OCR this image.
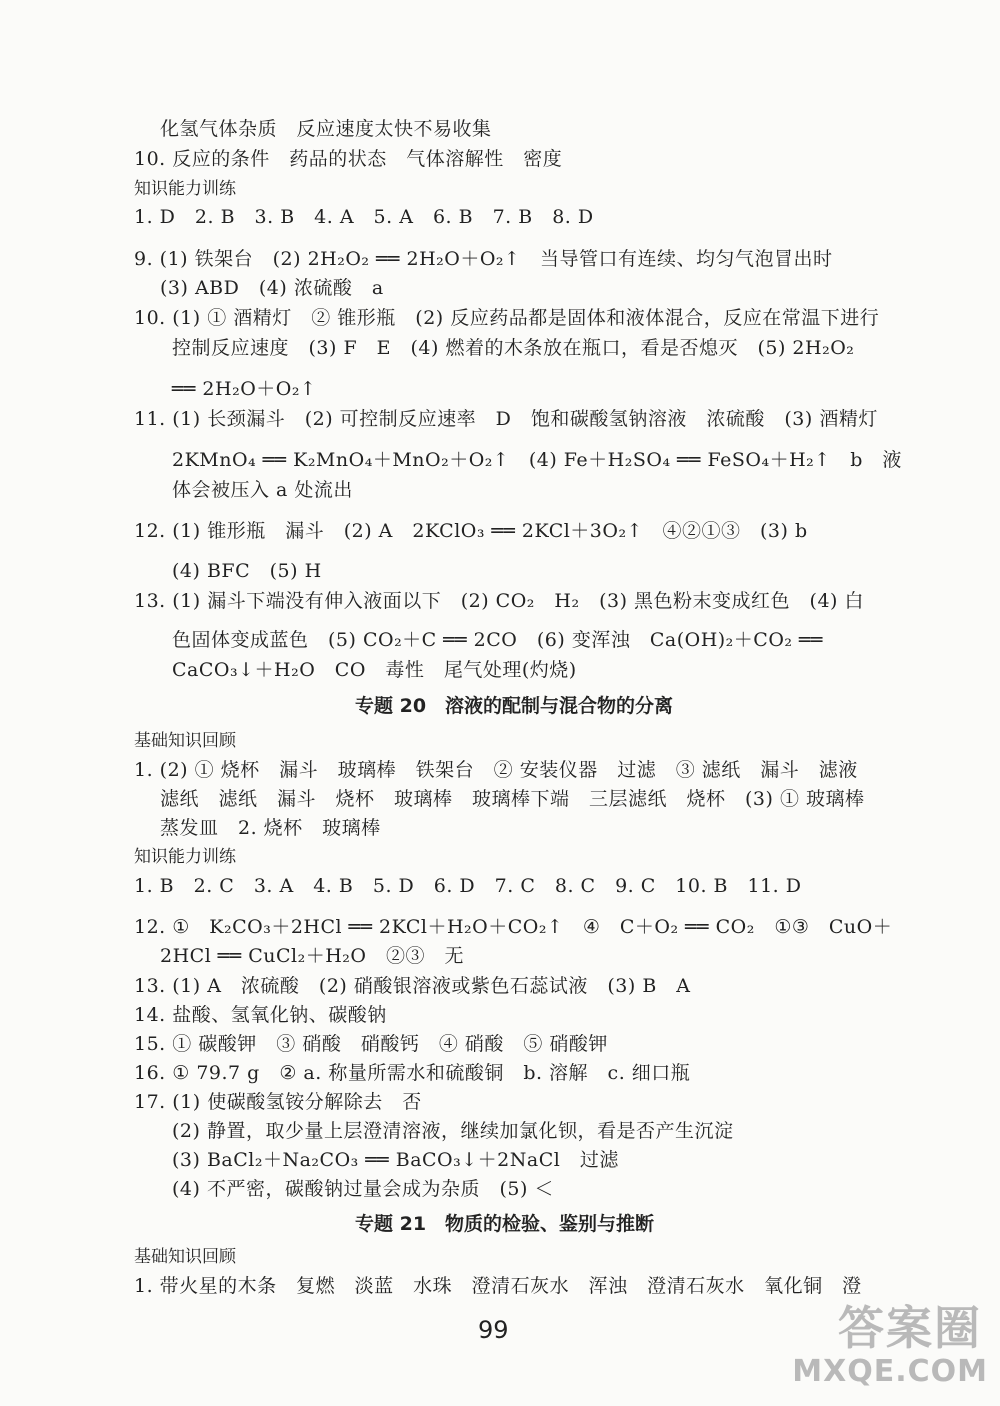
化氢气体杂质　反应速度太快不易收集
10. 反应的条件　药品的状态　气体溶解性　密度
知识能力训练
1. D　2. B　3. B　4. A　5. A　6. B　7. B　8. D
9. (1) 铁架台　(2) 2H₂O₂ ══ 2H₂O＋O₂↑　当导管口有连续、均匀气泡冒出时
(3) ABD　(4) 浓硫酸　a
10. (1) ① 酒精灯　② 锥形瓶　(2) 反应药品都是固体和液体混合，反应在常温下进行
控制反应速度　(3) F　E　(4) 燃着的木条放在瓶口，看是否熄灭　(5) 2H₂O₂
══ 2H₂O＋O₂↑
11. (1) 长颈漏斗　(2) 可控制反应速率　D　饱和碳酸氢钠溶液　浓硫酸　(3) 酒精灯
2KMnO₄ ══ K₂MnO₄＋MnO₂＋O₂↑　(4) Fe＋H₂SO₄ ══ FeSO₄＋H₂↑　b　液
体会被压入 a 处流出
12. (1) 锥形瓶　漏斗　(2) A　2KClO₃ ══ 2KCl＋3O₂↑　④②①③　(3) b
(4) BFC　(5) H
13. (1) 漏斗下端没有伸入液面以下　(2) CO₂　H₂　(3) 黑色粉末变成红色　(4) 白
色固体变成蓝色　(5) CO₂＋C ══ 2CO　(6) 变浑浊　Ca(OH)₂＋CO₂ ══
CaCO₃↓＋H₂O　CO　毒性　尾气处理(灼烧)
专题 20　溶液的配制与混合物的分离
基础知识回顾
1. (2) ① 烧杯　漏斗　玻璃棒　铁架台　② 安装仪器　过滤　③ 滤纸　漏斗　滤液
滤纸　滤纸　漏斗　烧杯　玻璃棒　玻璃棒下端　三层滤纸　烧杯　(3) ① 玻璃棒
蒸发皿　2. 烧杯　玻璃棒
知识能力训练
1. B　2. C　3. A　4. B　5. D　6. D　7. C　8. C　9. C　10. B　11. D
12. ①　K₂CO₃＋2HCl ══ 2KCl＋H₂O＋CO₂↑　④　C＋O₂ ══ CO₂　①③　CuO＋
2HCl ══ CuCl₂＋H₂O　②③　无
13. (1) A　浓硫酸　(2) 硝酸银溶液或紫色石蕊试液　(3) B　A
14. 盐酸、氢氧化钠、碳酸钠
15. ① 碳酸钾　③ 硝酸　硝酸钙　④ 硝酸　⑤ 硝酸钾
16. ① 79.7 g　② a. 称量所需水和硫酸铜　b. 溶解　c. 细口瓶
17. (1) 使碳酸氢铵分解除去　否
(2) 静置，取少量上层澄清溶液，继续加氯化钡，看是否产生沉淀
(3) BaCl₂＋Na₂CO₃ ══ BaCO₃↓＋2NaCl　过滤
(4) 不严密，碳酸钠过量会成为杂质　(5) ＜
专题 21　物质的检验、鉴别与推断
基础知识回顾
1. 带火星的木条　复燃　淡蓝　水珠　澄清石灰水　浑浊　澄清石灰水　氧化铜　澄
99	答案圈
MXQE.COM
